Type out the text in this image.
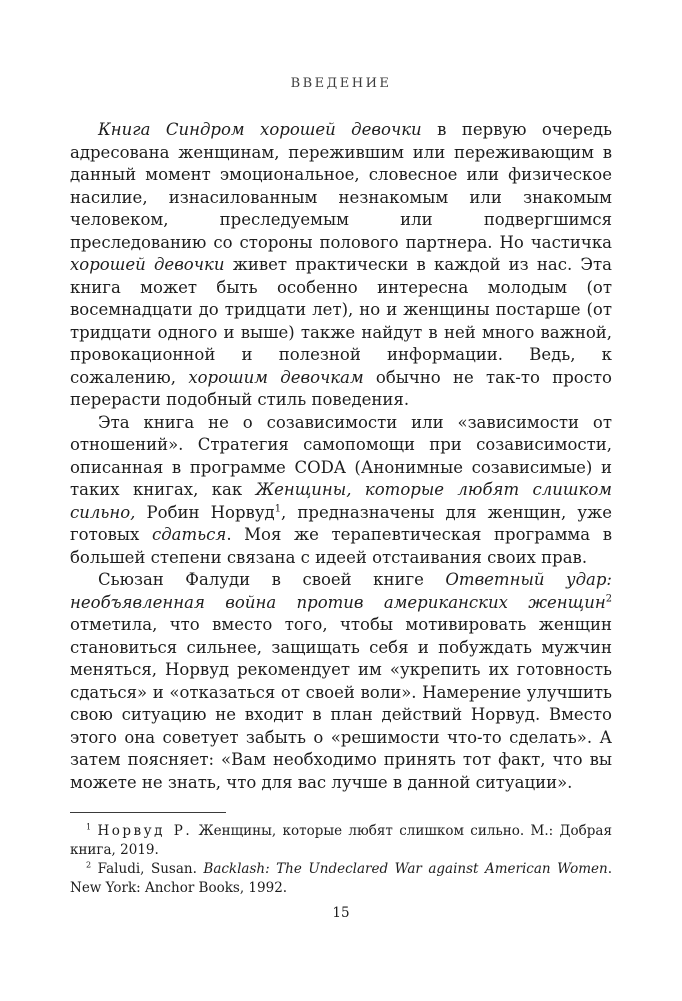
ВВЕДЕНИЕ

Книга Синдром хорошей девочки в первую очередь адресована женщинам, пережившим или переживающим в данный момент эмоциональное, словесное или физическое насилие, изнасилованным незнакомым или знакомым человеком, преследуемым или подвергшимся преследованию со стороны полового партнера. Но частичка хорошей девочки живет практически в каждой из нас. Эта книга может быть особенно интересна молодым (от восемнадцати до тридцати лет), но и женщины постарше (от тридцати одного и выше) также найдут в ней много важной, провокационной и полезной информации. Ведь, к сожалению, хорошим девочкам обычно не так-то просто перерасти подобный стиль поведения.

Эта книга не о созависимости или «зависимости от отношений». Стратегия самопомощи при созависимости, описанная в программе CODA (Анонимные созависимые) и таких книгах, как Женщины, которые любят слишком сильно, Робин Норвуд$^1$, предназначены для женщин, уже готовых сдаться. Моя же терапевтическая программа в большей степени связана с идеей отстаивания своих прав.

Сьюзан Фалуди в своей книге Ответный удар: необъявленная война против американских женщин$^2$ отметила, что вместо того, чтобы мотивировать женщин становиться сильнее, защищать себя и побуждать мужчин меняться, Норвуд рекомендует им «укрепить их готовность сдаться» и «отказаться от своей воли». Намерение улучшить свою ситуацию не входит в план действий Норвуд. Вместо этого она советует забыть о «решимости что-то сделать». А затем поясняет: «Вам необходимо принять тот факт, что вы можете не знать, что для вас лучше в данной ситуации».

$^1$ Норвуд Р. Женщины, которые любят слишком сильно. М.: Добрая книга, 2019.

$^2$ Faludi, Susan. Backlash: The Undeclared War against American Women. New York: Anchor Books, 1992.

15
